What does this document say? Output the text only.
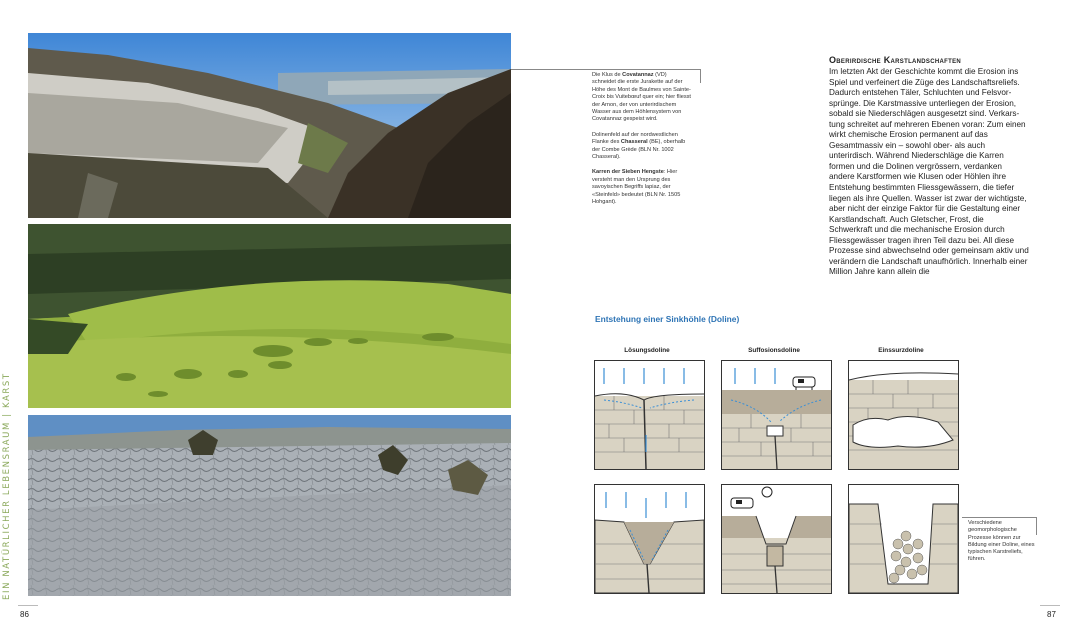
EIN NATÜRLICHER LEBENSRAUM | KARST

Die Klus de Covatannaz (VD) schneidet die erste Jurakette auf der Höhe des Mont de Baulmes von Sainte-Croix bis Vuitebœuf quer ein; hier fliesst der Arnon, der von unterirdischem Wasser aus dem Höhlensystem von Covatannaz gespeist wird.

Dolinenfeld auf der nordwestlichen Flanke des Chasseral (BE), oberhalb der Combe Grède (BLN Nr. 1002 Chasseral).

Karren der Sieben Hengste: Hier versteht man den Ursprung des savoyischen Begriffs lapiaz, der «Steinfeld» bedeutet (BLN Nr. 1505 Hohgant).

Oberirdische Karstlandschaften
Im letzten Akt der Geschichte kommt die Erosion ins Spiel und verfeinert die Züge des Landschaftsreliefs. Dadurch entstehen Täler, Schluchten und Felsvor-sprünge. Die Karstmassive unterliegen der Erosion, sobald sie Niederschlägen ausgesetzt sind. Verkars-tung schreitet auf mehreren Ebenen voran: Zum einen wirkt chemische Erosion permanent auf das Gesamtmassiv ein – sowohl ober- als auch unterirdisch. Während Niederschläge die Karren formen und die Dolinen vergrössern, verdanken andere Karstformen wie Klusen oder Höhlen ihre Entstehung bestimmten Fliessgewässern, die tiefer liegen als ihre Quellen. Wasser ist zwar der wichtigste, aber nicht der einzige Faktor für die Gestaltung einer Karstlandschaft. Auch Gletscher, Frost, die Schwerkraft und die mechanische Erosion durch Fliessgewässer tragen ihren Teil dazu bei. All diese Prozesse sind abwechselnd oder gemeinsam aktiv und verändern die Landschaft unaufhörlich. Innerhalb einer Million Jahre kann allein die
Entstehung einer Sinkhöhle (Doline)
Lösungsdoline	Suffosionsdoline	Einssurzdoline
Verschiedene geomorphologische Prozesse können zur Bildung einer Doline, eines typischen Karstreliefs, führen.
86	87
